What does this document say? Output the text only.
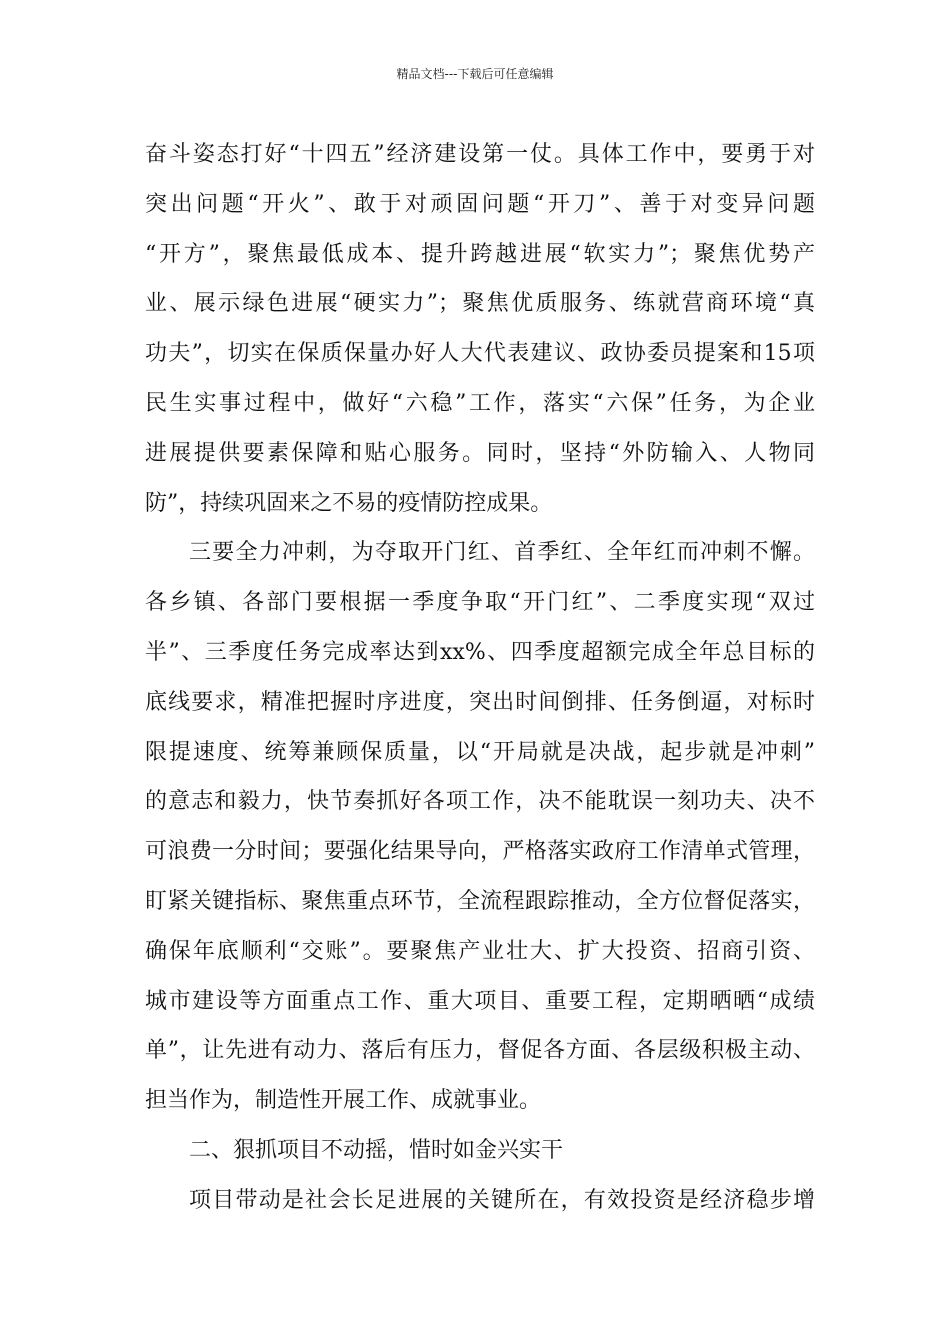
精品文档---下载后可任意编辑
奋斗姿态打好“十四五”经济建设第一仗。具体工作中，要勇于对
突出问题“开火”、敢于对顽固问题“开刀”、善于对变异问题
“开方”，聚焦最低成本、提升跨越进展“软实力”；聚焦优势产
业、展示绿色进展“硬实力”；聚焦优质服务、练就营商环境“真
功夫”，切实在保质保量办好人大代表建议、政协委员提案和15项
民生实事过程中，做好“六稳”工作，落实“六保”任务，为企业
进展提供要素保障和贴心服务。同时，坚持“外防输入、人物同
防”，持续巩固来之不易的疫情防控成果。
三要全力冲刺，为夺取开门红、首季红、全年红而冲刺不懈。
各乡镇、各部门要根据一季度争取“开门红”、二季度实现“双过
半”、三季度任务完成率达到xx%、四季度超额完成全年总目标的
底线要求，精准把握时序进度，突出时间倒排、任务倒逼，对标时
限提速度、统筹兼顾保质量，以“开局就是决战，起步就是冲刺”
的意志和毅力，快节奏抓好各项工作，决不能耽误一刻功夫、决不
可浪费一分时间；要强化结果导向，严格落实政府工作清单式管理，
盯紧关键指标、聚焦重点环节，全流程跟踪推动，全方位督促落实，
确保年底顺利“交账”。要聚焦产业壮大、扩大投资、招商引资、
城市建设等方面重点工作、重大项目、重要工程，定期晒晒“成绩
单”，让先进有动力、落后有压力，督促各方面、各层级积极主动、
担当作为，制造性开展工作、成就事业。
二、狠抓项目不动摇，惜时如金兴实干
项目带动是社会长足进展的关键所在，有效投资是经济稳步增
